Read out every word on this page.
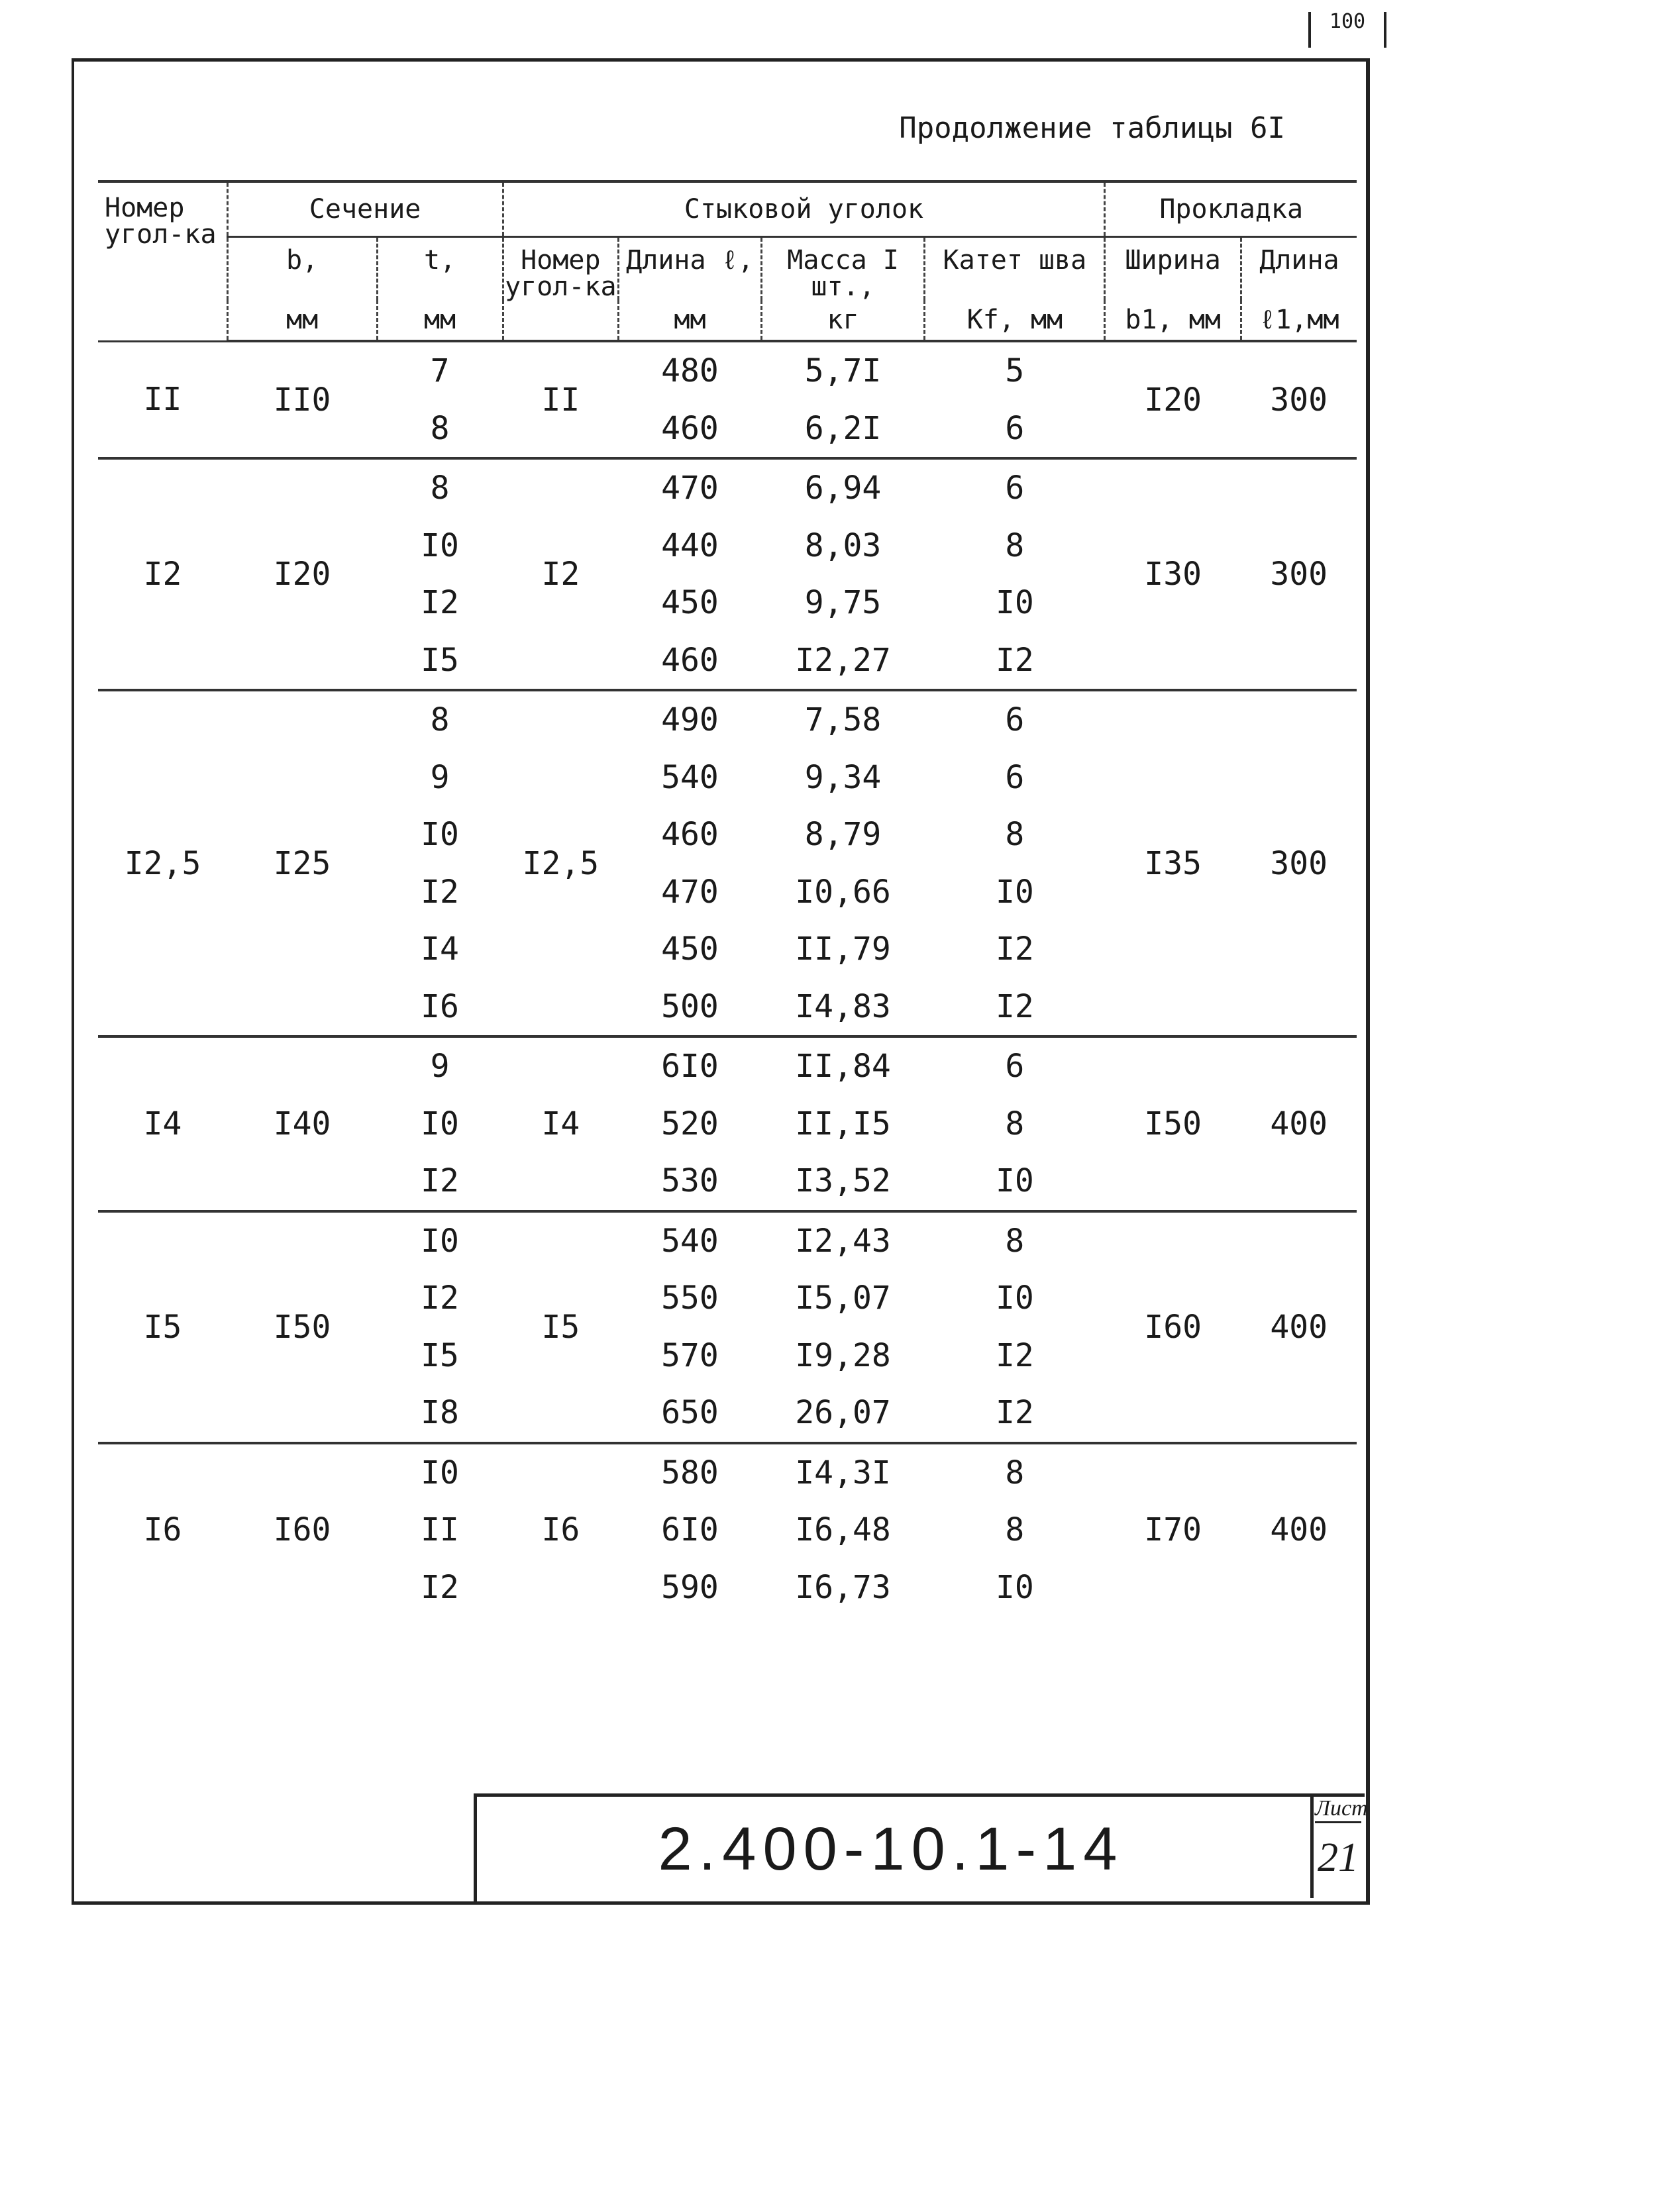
100
Продолжение таблицы 6I
Номер угол-ка	Сечение		Стыковой уголок				Прокладка	
	b,	t,	Номер угол-ка	Длина ℓ,	Масса I шт.,	Катет шва	Ширина	Длина
	мм	мм		мм	кг	Kf, мм	b1, мм	ℓ1,мм
II	II0	7	II	480	5,7I	5	I20	300
		8		460	6,2I	6		
I2	I20	8	I2	470	6,94	6	I30	300
		I0		440	8,03	8		
		I2		450	9,75	I0		
		I5		460	I2,27	I2		
I2,5	I25	8	I2,5	490	7,58	6	I35	300
		9		540	9,34	6		
		I0		460	8,79	8		
		I2		470	I0,66	I0		
		I4		450	II,79	I2		
		I6		500	I4,83	I2		
I4	I40	9	I4	6I0	II,84	6	I50	400
		I0		520	II,I5	8		
		I2		530	I3,52	I0		
I5	I50	I0	I5	540	I2,43	8	I60	400
		I2		550	I5,07	I0		
		I5		570	I9,28	I2		
		I8		650	26,07	I2		
I6	I60	I0	I6	580	I4,3I	8	I70	400
		II		6I0	I6,48	8		
		I2		590	I6,73	I0		
2.400-10.1-14
Лист
21
